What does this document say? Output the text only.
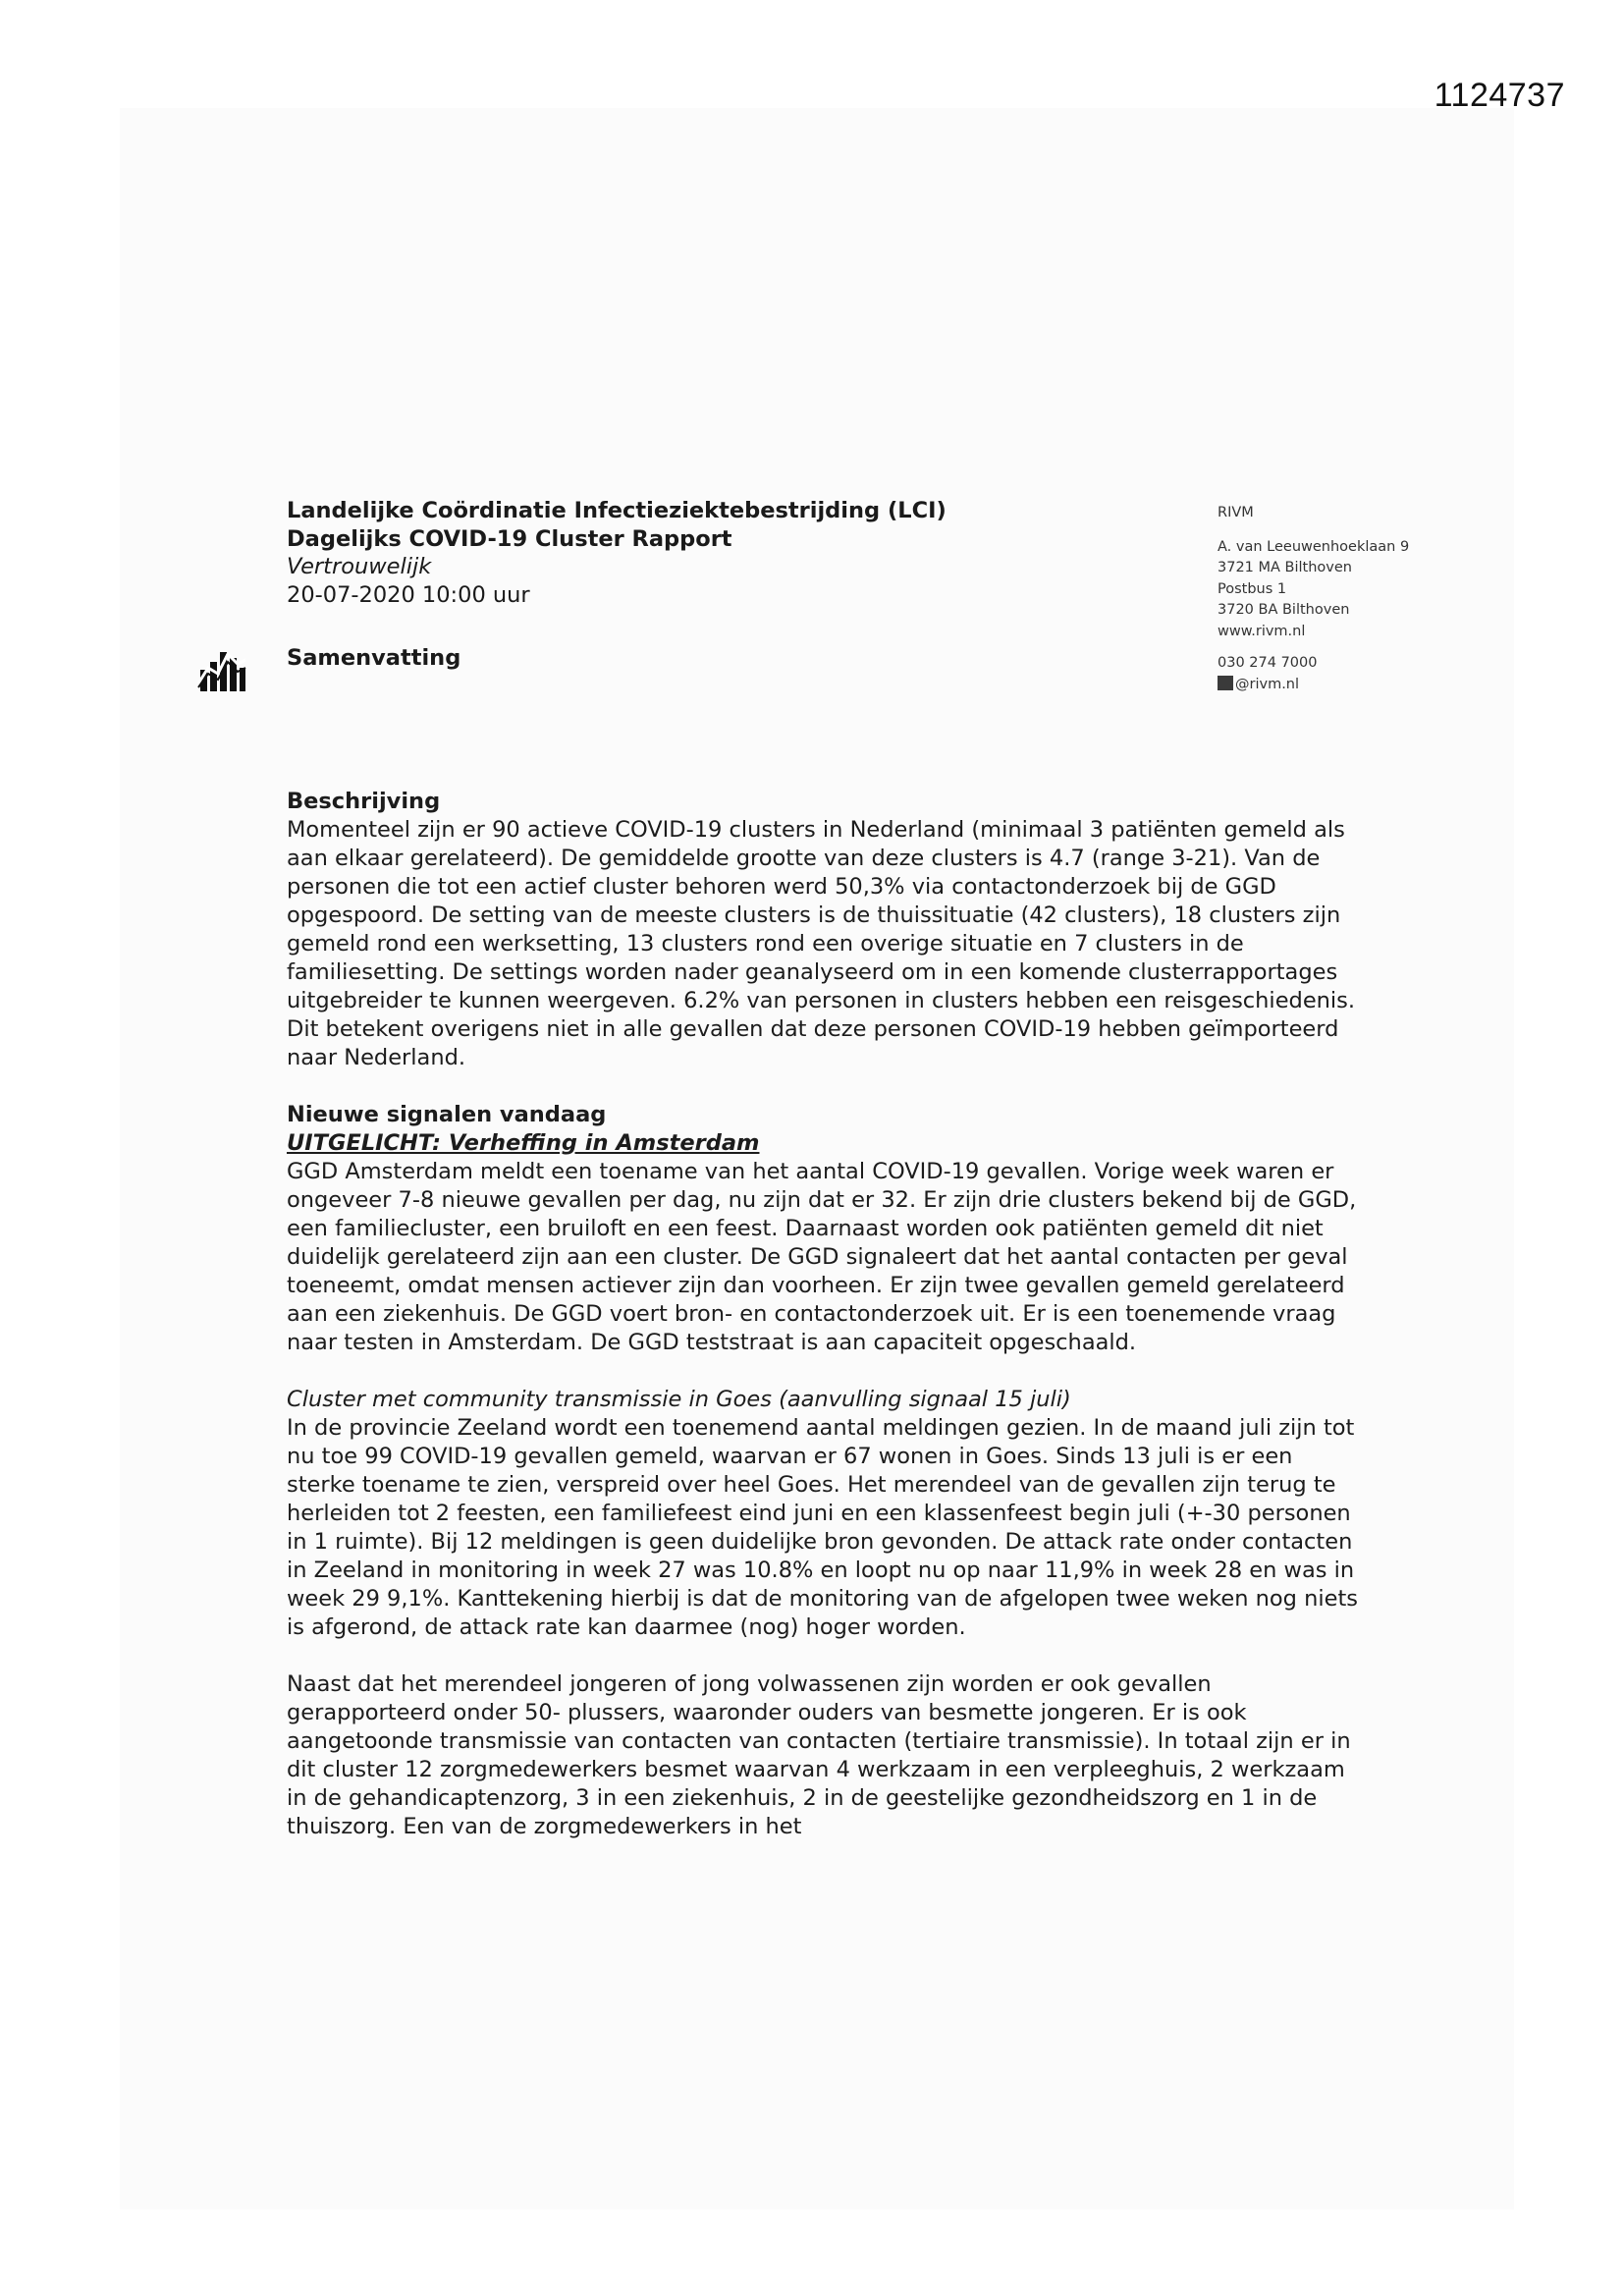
1124737
Landelijke Coördinatie Infectieziektebestrijding (LCI)
Dagelijks COVID-19 Cluster Rapport
Vertrouwelijk
20-07-2020 10:00 uur
Samenvatting
RIVM
A. van Leeuwenhoeklaan 9
3721 MA Bilthoven
Postbus 1
3720 BA Bilthoven
www.rivm.nl
030 274 7000
@rivm.nl

Beschrijving

Momenteel zijn er 90 actieve COVID-19 clusters in Nederland (minimaal 3 patiënten gemeld als aan elkaar gerelateerd). De gemiddelde grootte van deze clusters is 4.7 (range 3-21). Van de personen die tot een actief cluster behoren werd 50,3% via contactonderzoek bij de GGD opgespoord. De setting van de meeste clusters is de thuissituatie (42 clusters), 18 clusters zijn gemeld rond een werksetting, 13 clusters rond een overige situatie en 7 clusters in de familiesetting. De settings worden nader geanalyseerd om in een komende clusterrapportages uitgebreider te kunnen weergeven. 6.2% van personen in clusters hebben een reisgeschiedenis. Dit betekent overigens niet in alle gevallen dat deze personen COVID-19 hebben geïmporteerd naar Nederland.

Nieuwe signalen vandaag

UITGELICHT: Verheffing in Amsterdam

GGD Amsterdam meldt een toename van het aantal COVID-19 gevallen. Vorige week waren er ongeveer 7-8 nieuwe gevallen per dag, nu zijn dat er 32. Er zijn drie clusters bekend bij de GGD, een familiecluster, een bruiloft en een feest. Daarnaast worden ook patiënten gemeld dit niet duidelijk gerelateerd zijn aan een cluster. De GGD signaleert dat het aantal contacten per geval toeneemt, omdat mensen actiever zijn dan voorheen. Er zijn twee gevallen gemeld gerelateerd aan een ziekenhuis. De GGD voert bron- en contactonderzoek uit. Er is een toenemende vraag naar testen in Amsterdam. De GGD teststraat is aan capaciteit opgeschaald.

Cluster met community transmissie in Goes (aanvulling signaal 15 juli)

In de provincie Zeeland wordt een toenemend aantal meldingen gezien. In de maand juli zijn tot nu toe 99 COVID-19 gevallen gemeld, waarvan er 67 wonen in Goes. Sinds 13 juli is er een sterke toename te zien, verspreid over heel Goes. Het merendeel van de gevallen zijn terug te herleiden tot 2 feesten, een familiefeest eind juni en een klassenfeest begin juli (+-30 personen in 1 ruimte). Bij 12 meldingen is geen duidelijke bron gevonden. De attack rate onder contacten in Zeeland in monitoring in week 27 was 10.8% en loopt nu op naar 11,9% in week 28 en was in week 29 9,1%. Kanttekening hierbij is dat de monitoring van de afgelopen twee weken nog niets is afgerond, de attack rate kan daarmee (nog) hoger worden.

Naast dat het merendeel jongeren of jong volwassenen zijn worden er ook gevallen gerapporteerd onder 50- plussers, waaronder ouders van besmette jongeren. Er is ook aangetoonde transmissie van contacten van contacten (tertiaire transmissie). In totaal zijn er in dit cluster 12 zorgmedewerkers besmet waarvan 4 werkzaam in een verpleeghuis, 2 werkzaam in de gehandicaptenzorg, 3 in een ziekenhuis, 2 in de geestelijke gezondheidszorg en 1 in de thuiszorg. Een van de zorgmedewerkers in het
